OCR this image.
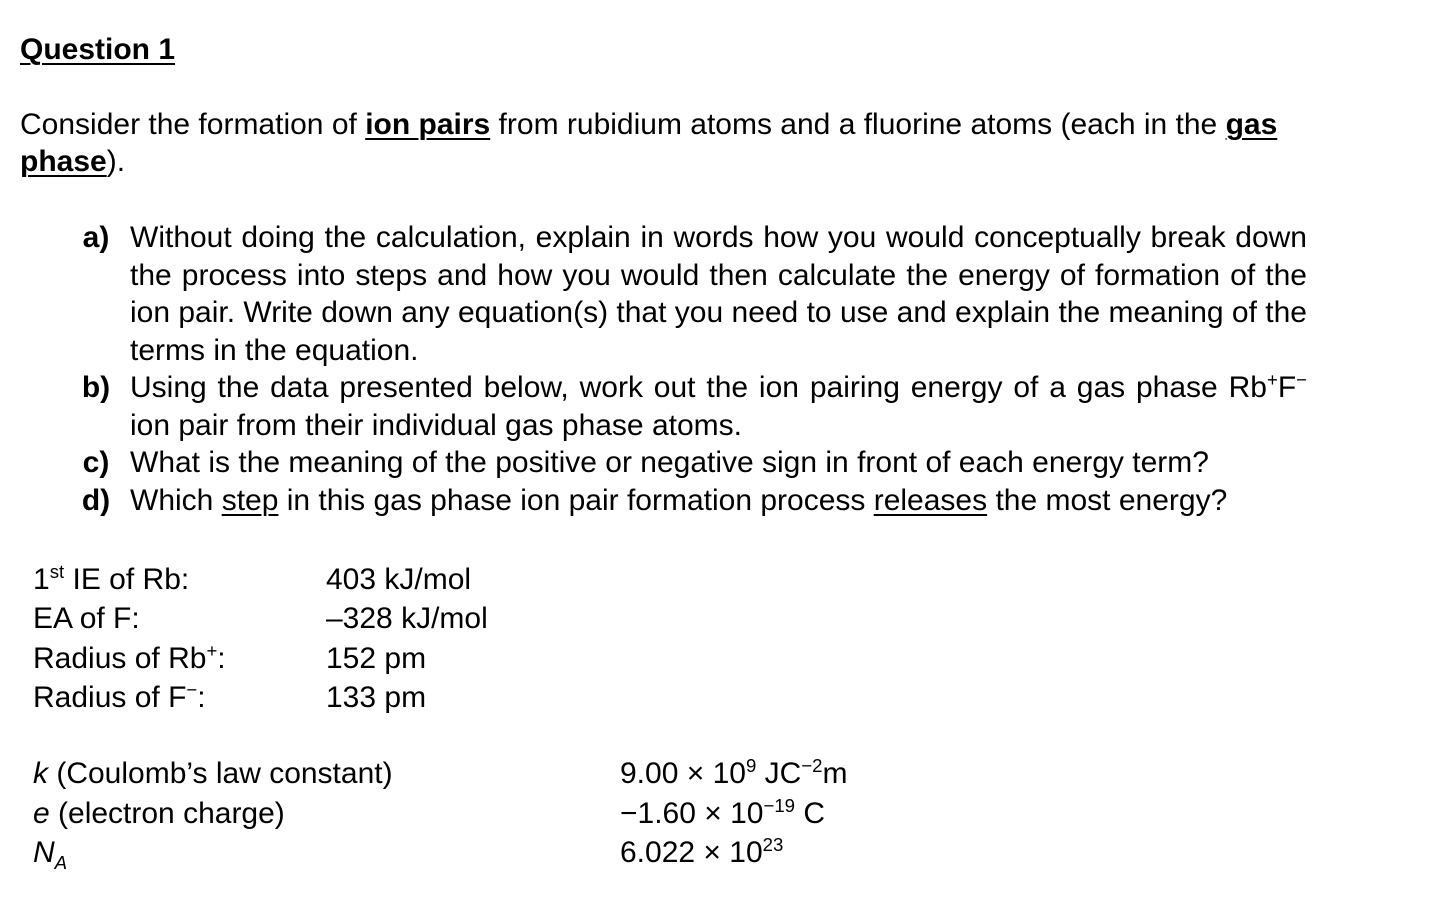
Question 1

Consider the formation of ion pairs from rubidium atoms and a fluorine atoms (each in the gas phase).

a) Without doing the calculation, explain in words how you would conceptually break down the process into steps and how you would then calculate the energy of formation of the ion pair. Write down any equation(s) that you need to use and explain the meaning of the terms in the equation.
b) Using the data presented below, work out the ion pairing energy of a gas phase Rb+F− ion pair from their individual gas phase atoms.
c) What is the meaning of the positive or negative sign in front of each energy term?
d) Which step in this gas phase ion pair formation process releases the most energy?
1st IE of Rb:	403 kJ/mol
EA of F:	–328 kJ/mol
Radius of Rb+:	152 pm
Radius of F−:	133 pm
k (Coulomb’s law constant)	$9.00 \times 10^9$ $JC^{-2}m$
e (electron charge)	$-1.60 \times 10^{-19}$ C
$N_A$	$6.022 \times 10^{23}$
